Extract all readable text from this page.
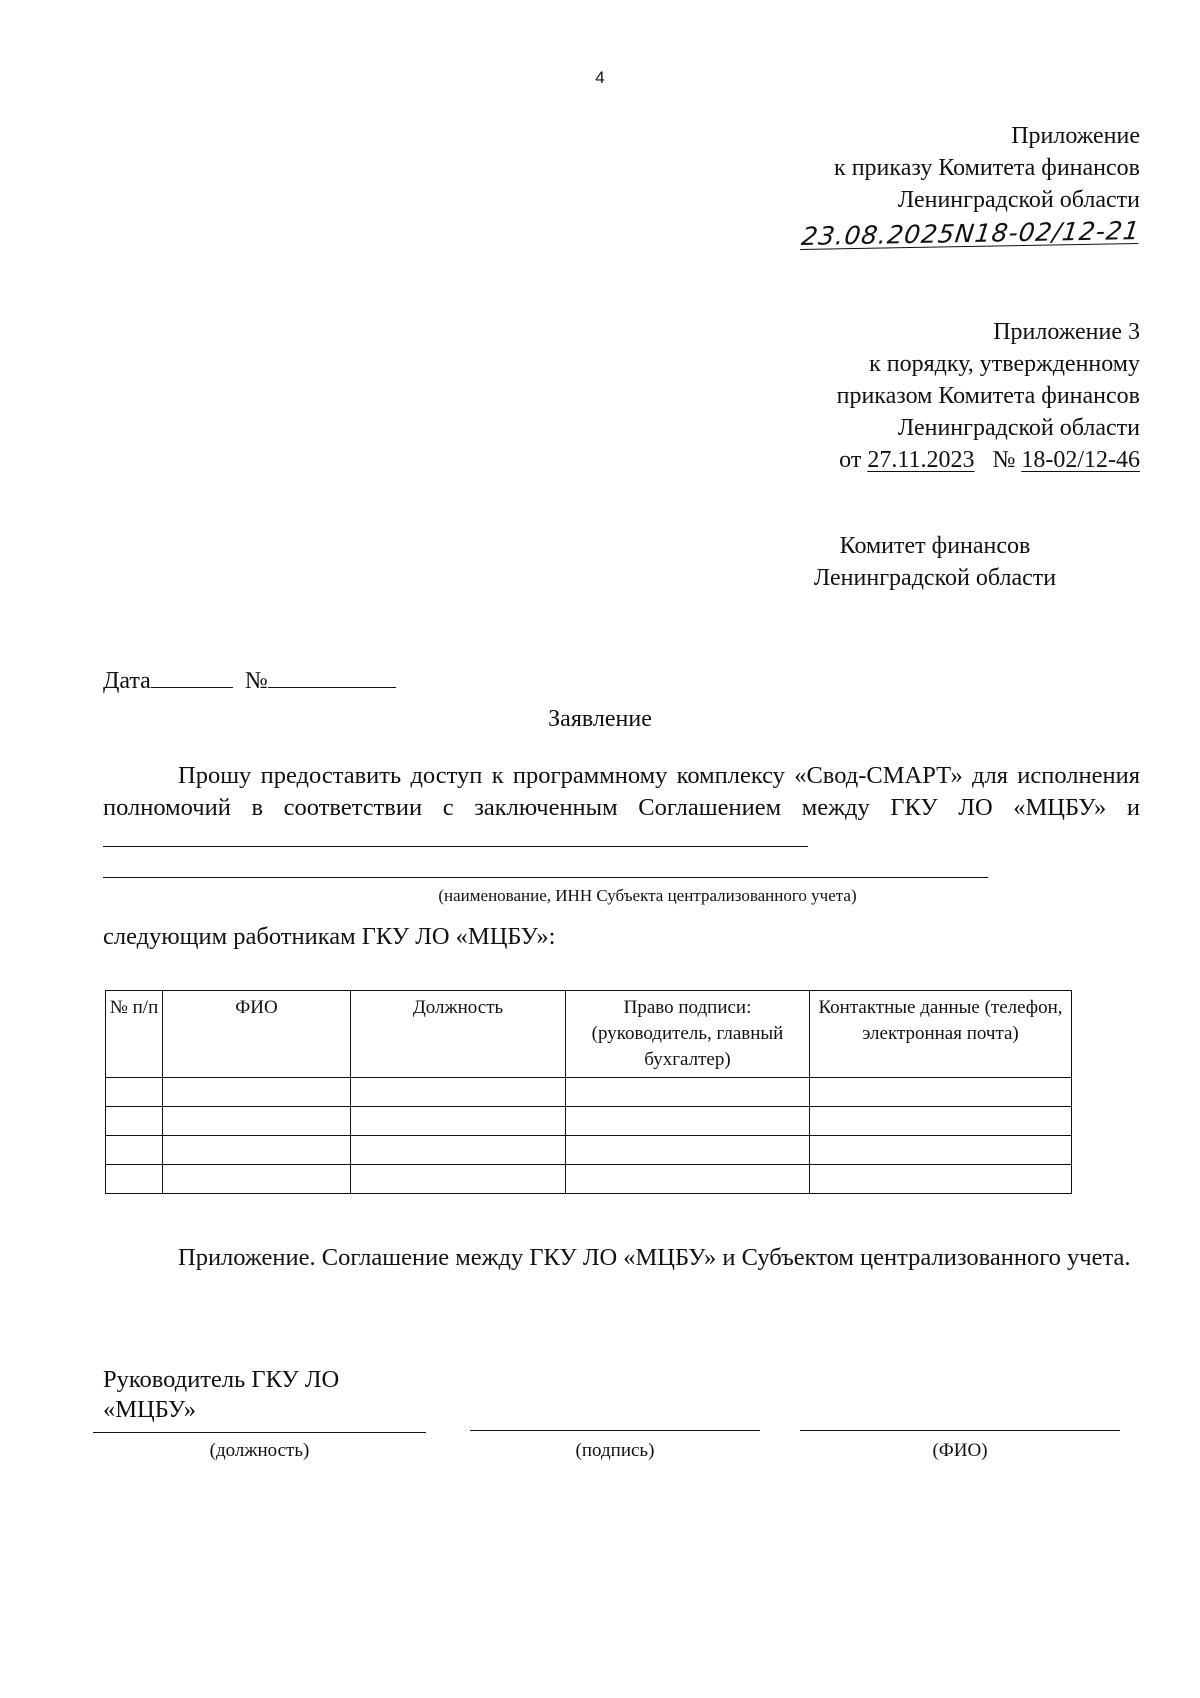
4
Приложение
к приказу Комитета финансов
Ленинградской области
23.08.2025N18-02/12-21
Приложение 3
к порядку, утвержденному
приказом Комитета финансов
Ленинградской области
от 27.11.2023 № 18-02/12-46
Комитет финансов
Ленинградской области
Дата	№
Заявление
Прошу предоставить доступ к программному комплексу «Свод-СМАРТ» для исполнения полномочий в соответствии с заключенным Соглашением между ГКУ ЛО «МЦБУ» и
(наименование, ИНН Субъекта централизованного учета)
следующим работникам ГКУ ЛО «МЦБУ»:
№ п/п	ФИО	Должность	Право подписи: (руководитель, главный бухгалтер)	Контактные данные (телефон, электронная почта)

Приложение. Соглашение между ГКУ ЛО «МЦБУ» и Субъектом централизованного учета.
Руководитель ГКУ ЛО
«МЦБУ»
(должность)	(подпись)	(ФИО)
